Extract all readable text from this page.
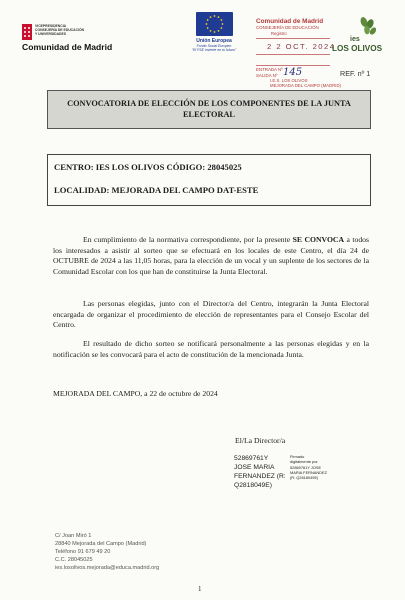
VICEPRESIDENCIA
CONSEJERÍA DE EDUCACIÓN
Y UNIVERSIDADES
Comunidad de Madrid
Unión Europea
Fondo Social Europeo
"El FSE invierte en tu futuro"
Comunidad de Madrid
CONSEJERÍA DE EDUCACIÓN
Registro
2 2 OCT. 2024
ENTRADA Nº
SALIDA Nº 145
I.E.S. LOS OLIVOS
MEJORADA DEL CAMPO (MADRID)
REF. nº 1
ies
LOS OLIVOS
CONVOCATORIA DE ELECCIÓN DE LOS COMPONENTES DE LA JUNTA ELECTORAL
CENTRO: IES LOS OLIVOS CÓDIGO: 28045025
LOCALIDAD: MEJORADA DEL CAMPO DAT-ESTE
En cumplimiento de la normativa correspondiente, por la presente SE CONVOCA a todos los interesados a asistir al sorteo que se efectuará en los locales de este Centro, el día 24 de OCTUBRE de 2024 a las 11,05 horas, para la elección de un vocal y un suplente de los sectores de la Comunidad Escolar con los que han de constituirse la Junta Electoral.
Las personas elegidas, junto con el Director/a del Centro, integrarán la Junta Electoral encargada de organizar el procedimiento de elección de representantes para el Consejo Escolar del Centro.
El resultado de dicho sorteo se notificará personalmente a las personas elegidas y en la notificación se les convocará para el acto de constitución de la mencionada Junta.
MEJORADA DEL CAMPO, a 22 de octubre de 2024
El/La Director/a
52869761Y
JOSE MARIA
FERNANDEZ (R:
Q2818049E)
Firmado
digitalmente por
52869761Y JOSE
MARIA FERNANDEZ
(R: Q2818049E)
C/ Joan Miró 1
28840 Mejorada del Campo (Madrid)
Teléfono 91 679 49 20
C.C. 28045025
ies.losolivos.mejorada@educa.madrid.org
1
